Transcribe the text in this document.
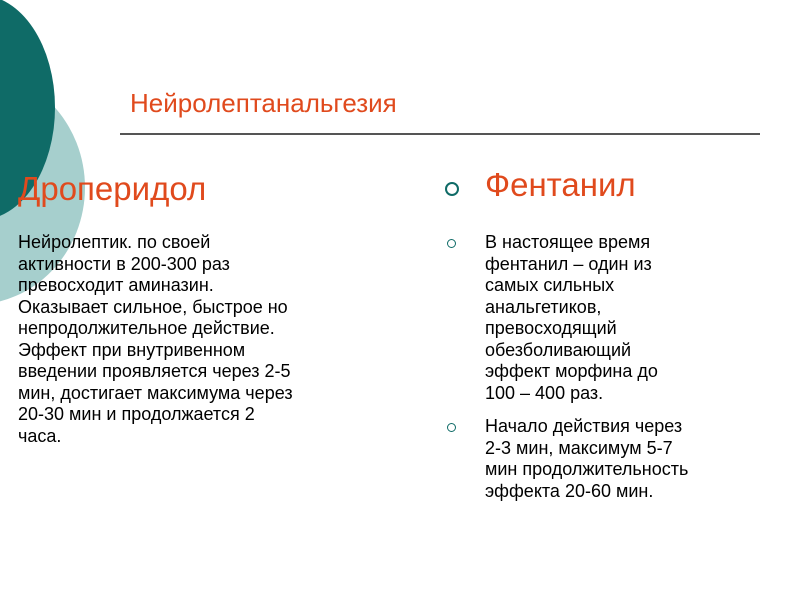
Нейролептанальгезия
Дроперидол
Нейролептик. по своей
активности в 200-300 раз
превосходит аминазин.
Оказывает сильное, быстрое но
непродолжительное действие.
Эффект при внутривенном
введении проявляется через 2-5
мин, достигает максимума через
20-30 мин и продолжается 2
часа.
Фентанил
В настоящее время
фентанил – один из
самых сильных
анальгетиков,
превосходящий
обезболивающий
эффект морфина до
100 – 400 раз.
Начало действия через
2-3 мин, максимум 5-7
мин продолжительность
эффекта 20-60 мин.
